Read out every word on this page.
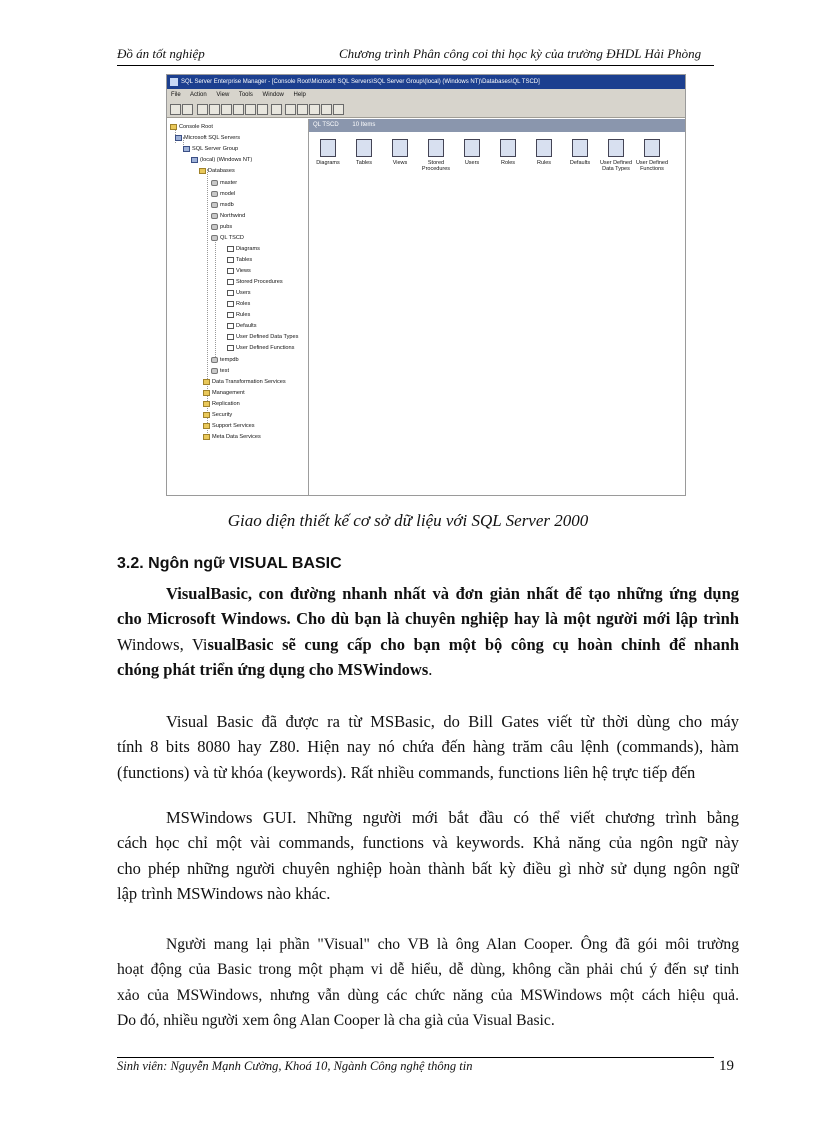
Đồ án tốt nghiệp	Chương trình Phân công coi thi học kỳ của trường ĐHDL Hải Phòng
SQL Server Enterprise Manager - [Console Root\Microsoft SQL Servers\SQL Server Group\(local) (Windows NT)\Databases\QL TSCD]
File Action View Tools Window Help
Console Root
Microsoft SQL Servers
SQL Server Group
(local) (Windows NT)
Databases
master
model
msdb
Northwind
pubs
QL TSCD
Diagrams
Tables
Views
Stored Procedures
Users
Roles
Rules
Defaults
User Defined Data Types
User Defined Functions
tempdb
test
Data Transformation Services
Management
Replication
Security
Support Services
Meta Data Services
QL TSCD 10 Items
Diagrams	Tables	Views	Stored Procedures
Users	Roles	Rules	Defaults	User Defined Data Types
User Defined Functions
Giao diện thiết kế cơ sở dữ liệu với SQL Server 2000
3.2. Ngôn ngữ VISUAL BASIC
VisualBasic, con đường nhanh nhất và đơn giản nhất để tạo những ứng dụng
cho Microsoft Windows. Cho dù bạn là chuyên nghiệp hay là một người mới lập trình
Windows, VisualBasic sẽ cung cấp cho bạn một bộ công cụ hoàn chỉnh để nhanh
chóng phát triển ứng dụng cho MSWindows.
Visual Basic đã được ra từ MSBasic, do Bill Gates viết từ thời dùng cho máy
tính 8 bits 8080 hay Z80. Hiện nay nó chứa đến hàng trăm câu lệnh (commands), hàm
(functions) và từ khóa (keywords). Rất nhiều commands, functions liên hệ trực tiếp đến
MSWindows GUI. Những người mới bắt đầu có thể viết chương trình bằng
cách học chỉ một vài commands, functions và keywords. Khả năng của ngôn ngữ này
cho phép những người chuyên nghiệp hoàn thành bất kỳ điều gì nhờ sử dụng ngôn ngữ
lập trình MSWindows nào khác.
Người mang lại phần "Visual" cho VB là ông Alan Cooper. Ông đã gói môi trường
hoạt động của Basic trong một phạm vi dễ hiểu, dễ dùng, không cần phải chú ý đến sự tinh
xảo của MSWindows, nhưng vẫn dùng các chức năng của MSWindows một cách hiệu quả.
Do đó, nhiều người xem ông Alan Cooper là cha già của Visual Basic.
Sinh viên: Nguyễn Mạnh Cường, Khoá 10, Ngành Công nghệ thông tin	19
